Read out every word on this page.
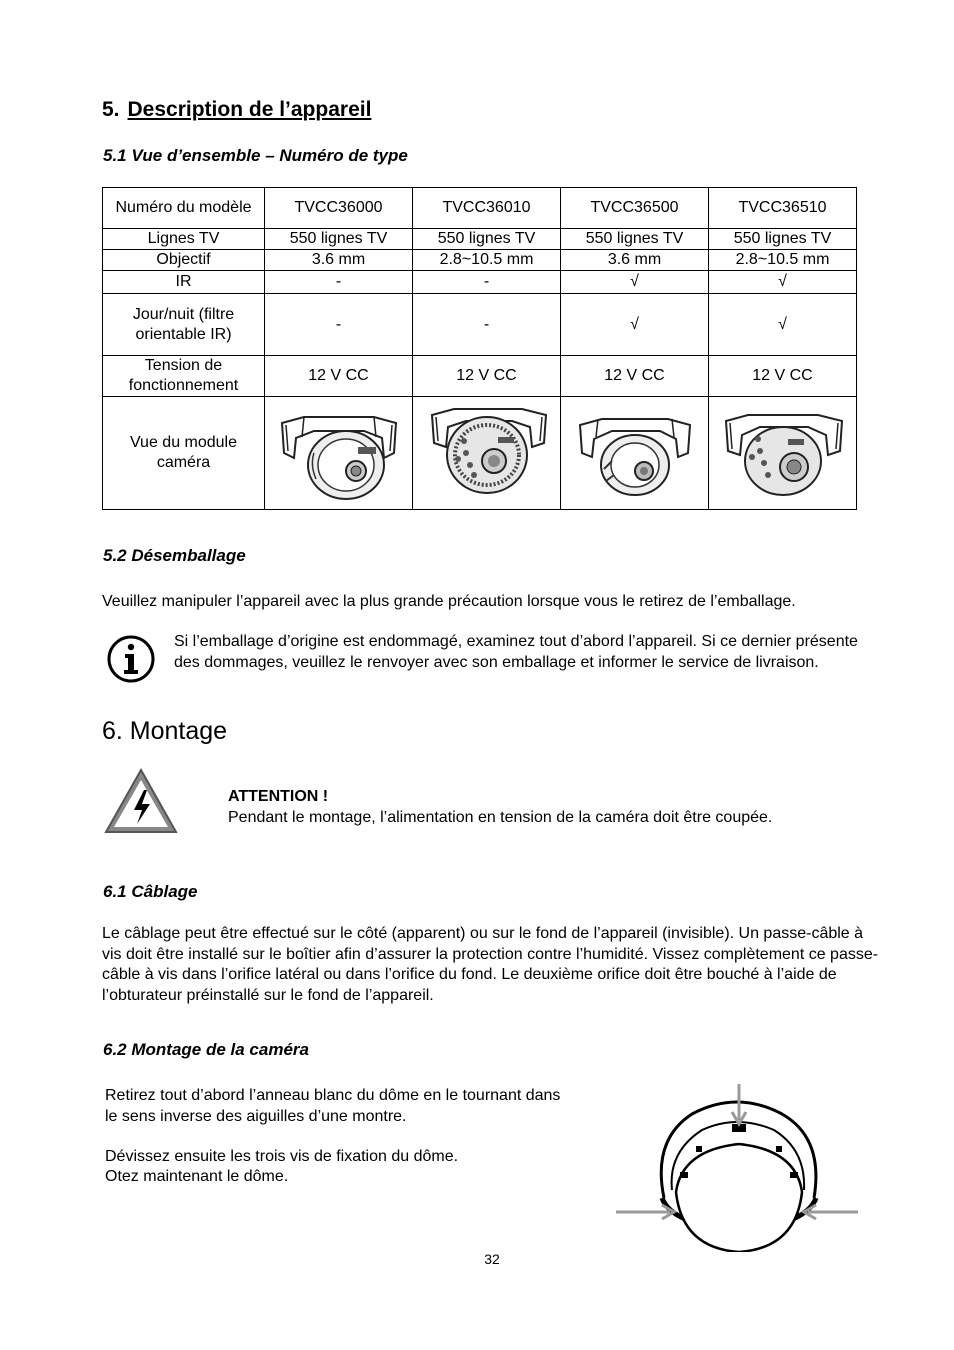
5. Description de l’appareil
5.1 Vue d’ensemble – Numéro de type
Numéro du modèle	TVCC36000	TVCC36010	TVCC36500	TVCC36510
Lignes TV	550 lignes TV	550 lignes TV	550 lignes TV	550 lignes TV
Objectif	3.6 mm	2.8~10.5 mm	3.6 mm	2.8~10.5 mm
IR	-	-	√	√
Jour/nuit (filtre orientable IR)	-	-	√	√
Tension de fonctionnement	12 V CC	12 V CC	12 V CC	12 V CC
Vue du module caméra	

5.2 Désemballage
Veuillez manipuler l’appareil avec la plus grande précaution lorsque vous le retirez de l’emballage.
Si l’emballage d’origine est endommagé, examinez tout d’abord l’appareil. Si ce dernier présente des dommages, veuillez le renvoyer avec son emballage et informer le service de livraison.
6. Montage
ATTENTION !
Pendant le montage, l’alimentation en tension de la caméra doit être coupée.
6.1 Câblage
Le câblage peut être effectué sur le côté (apparent) ou sur le fond de l’appareil (invisible). Un passe-câble à vis doit être installé sur le boîtier afin d’assurer la protection contre l’humidité. Vissez complètement ce passe-câble à vis dans l’orifice latéral ou dans l’orifice du fond. Le deuxième orifice doit être bouché à l’aide de l’obturateur préinstallé sur le fond de l’appareil.
6.2 Montage de la caméra
Retirez tout d’abord l’anneau blanc du dôme en le tournant dans le sens inverse des aiguilles d’une montre.
Dévissez ensuite les trois vis de fixation du dôme.
Otez maintenant le dôme.
32
